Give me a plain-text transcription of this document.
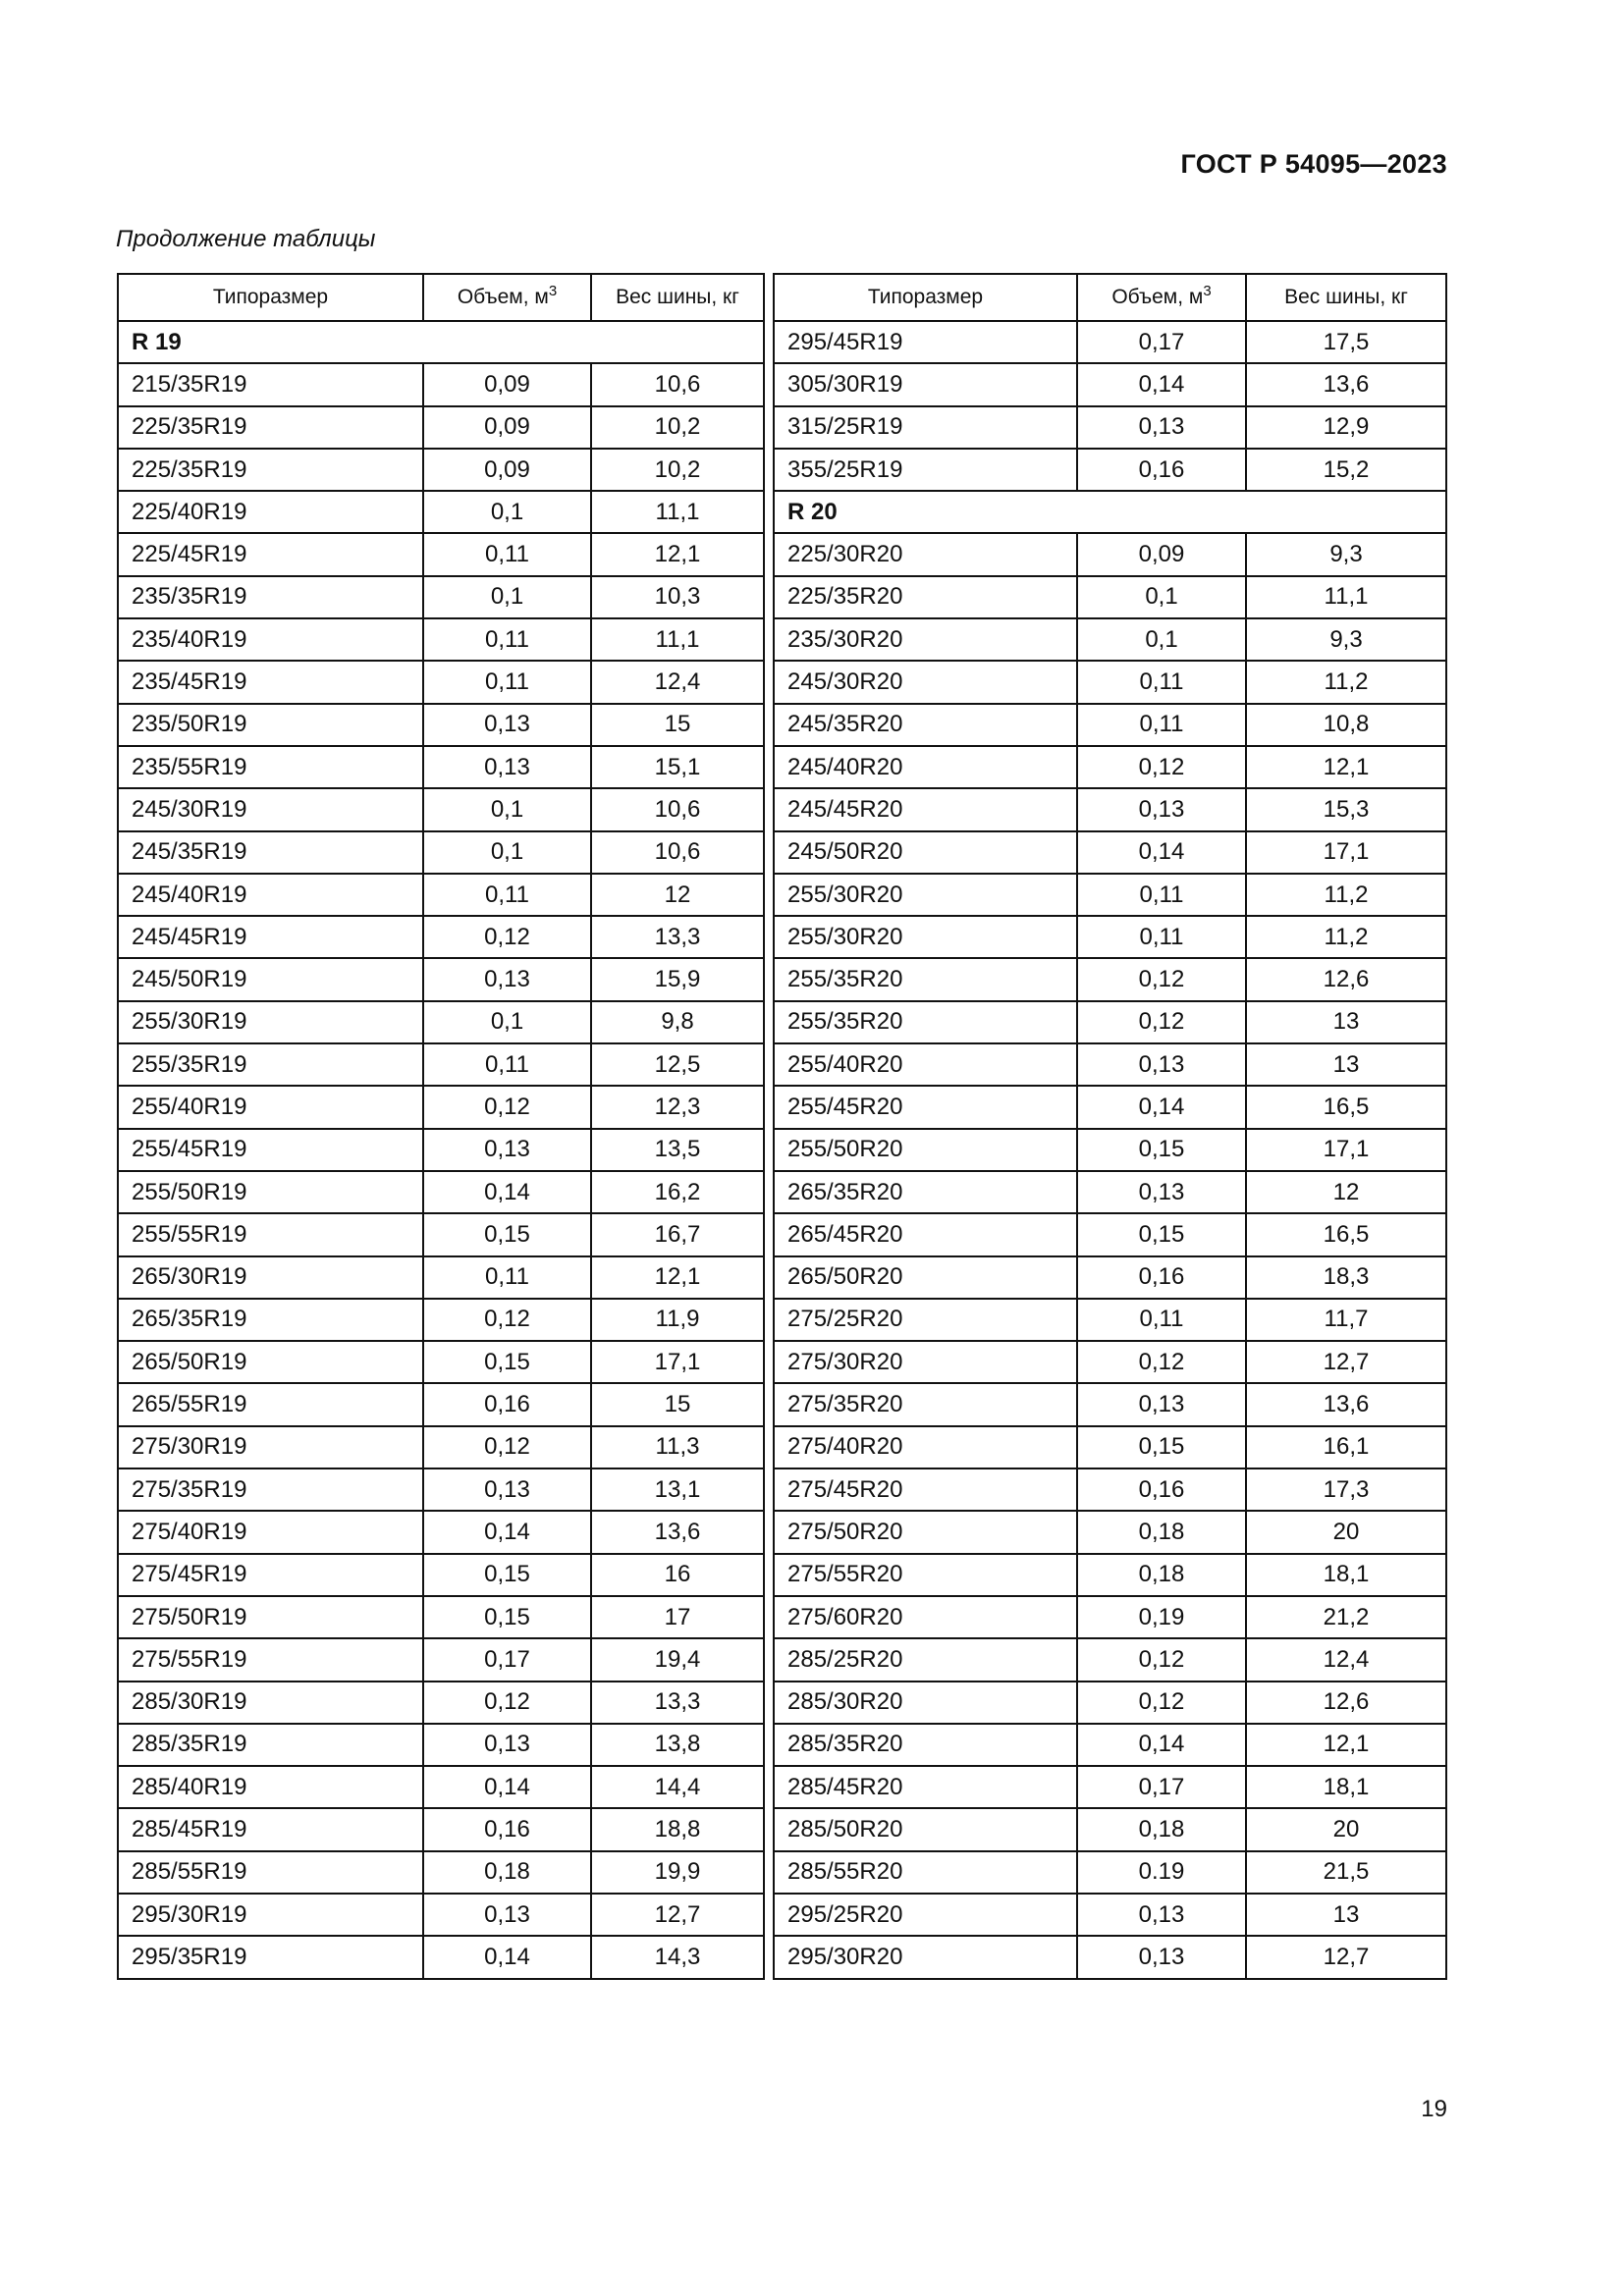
ГОСТ Р 54095—2023
Продолжение таблицы
Типоразмер	Объем, $м^3$	Вес шины, кг
R 19		
215/35R19	0,09	10,6
225/35R19	0,09	10,2
225/35R19	0,09	10,2
225/40R19	0,1	11,1
225/45R19	0,11	12,1
235/35R19	0,1	10,3
235/40R19	0,11	11,1
235/45R19	0,11	12,4
235/50R19	0,13	15
235/55R19	0,13	15,1
245/30R19	0,1	10,6
245/35R19	0,1	10,6
245/40R19	0,11	12
245/45R19	0,12	13,3
245/50R19	0,13	15,9
255/30R19	0,1	9,8
255/35R19	0,11	12,5
255/40R19	0,12	12,3
255/45R19	0,13	13,5
255/50R19	0,14	16,2
255/55R19	0,15	16,7
265/30R19	0,11	12,1
265/35R19	0,12	11,9
265/50R19	0,15	17,1
265/55R19	0,16	15
275/30R19	0,12	11,3
275/35R19	0,13	13,1
275/40R19	0,14	13,6
275/45R19	0,15	16
275/50R19	0,15	17
275/55R19	0,17	19,4
285/30R19	0,12	13,3
285/35R19	0,13	13,8
285/40R19	0,14	14,4
285/45R19	0,16	18,8
285/55R19	0,18	19,9
295/30R19	0,13	12,7
295/35R19	0,14	14,3
Типоразмер	Объем, $м^3$	Вес шины, кг
295/45R19	0,17	17,5
305/30R19	0,14	13,6
315/25R19	0,13	12,9
355/25R19	0,16	15,2
R 20		
225/30R20	0,09	9,3
225/35R20	0,1	11,1
235/30R20	0,1	9,3
245/30R20	0,11	11,2
245/35R20	0,11	10,8
245/40R20	0,12	12,1
245/45R20	0,13	15,3
245/50R20	0,14	17,1
255/30R20	0,11	11,2
255/30R20	0,11	11,2
255/35R20	0,12	12,6
255/35R20	0,12	13
255/40R20	0,13	13
255/45R20	0,14	16,5
255/50R20	0,15	17,1
265/35R20	0,13	12
265/45R20	0,15	16,5
265/50R20	0,16	18,3
275/25R20	0,11	11,7
275/30R20	0,12	12,7
275/35R20	0,13	13,6
275/40R20	0,15	16,1
275/45R20	0,16	17,3
275/50R20	0,18	20
275/55R20	0,18	18,1
275/60R20	0,19	21,2
285/25R20	0,12	12,4
285/30R20	0,12	12,6
285/35R20	0,14	12,1
285/45R20	0,17	18,1
285/50R20	0,18	20
285/55R20	0.19	21,5
295/25R20	0,13	13
295/30R20	0,13	12,7
19
